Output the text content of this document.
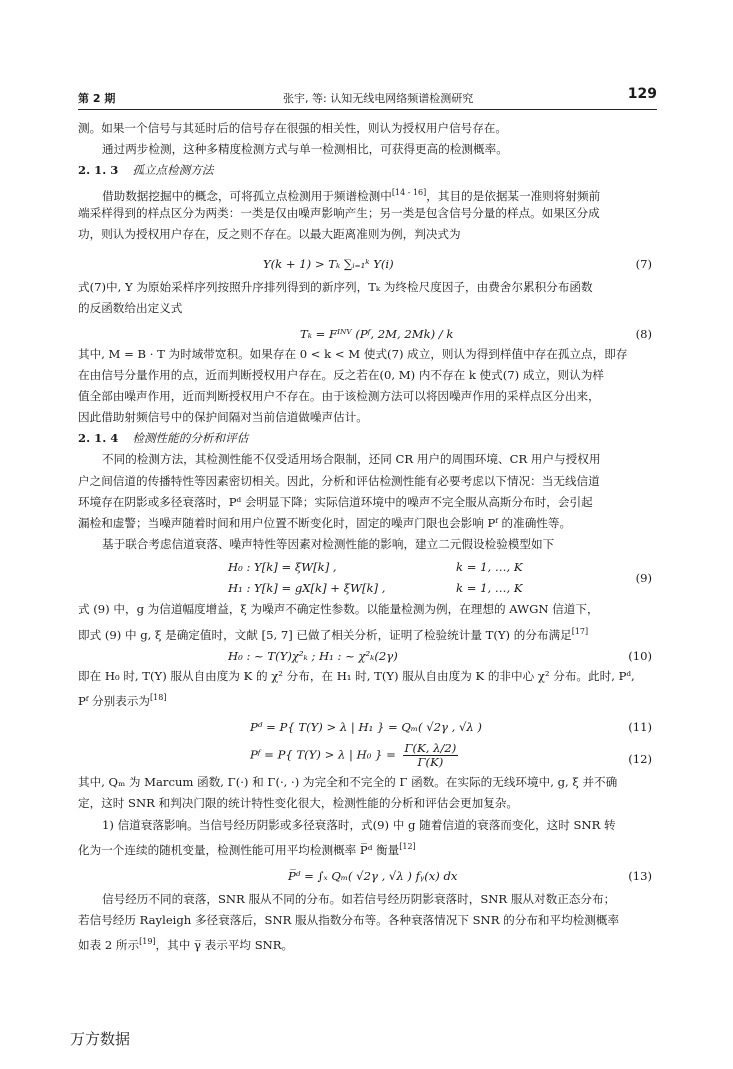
第 2 期	张宇, 等: 认知无线电网络频谱检测研究	129
测。如果一个信号与其延时后的信号存在很强的相关性，则认为授权用户信号存在。
通过两步检测，这种多精度检测方式与单一检测相比，可获得更高的检测概率。
2. 1. 3 孤立点检测方法
借助数据挖掘中的概念，可将孤立点检测用于频谱检测中[14 - 16]，其目的是依据某一准则将射频前
端采样得到的样点区分为两类：一类是仅由噪声影响产生；另一类是包含信号分量的样点。如果区分成
功，则认为授权用户存在，反之则不存在。以最大距离准则为例，判决式为
Y(k + 1) > Tₖ ∑ᵢ₌₁ᵏ Y(i)	(7)
式(7)中, Y 为原始采样序列按照升序排列得到的新序列，Tₖ 为终检尺度因子，由费舍尔累积分布函数
的反函数给出定义式
Tₖ = Fᴵᴺⱽ (Pᶠ, 2M, 2Mk) / k	(8)
其中, M = B · T 为时域带宽积。如果存在 0 < k < M 使式(7) 成立，则认为得到样值中存在孤立点，即存
在由信号分量作用的点，近而判断授权用户存在。反之若在(0, M) 内不存在 k 使式(7) 成立，则认为样
值全部由噪声作用，近而判断授权用户不存在。由于该检测方法可以将因噪声作用的采样点区分出来，
因此借助射频信号中的保护间隔对当前信道做噪声估计。
2. 1. 4 检测性能的分析和评估
不同的检测方法，其检测性能不仅受适用场合限制，还同 CR 用户的周围环境、CR 用户与授权用
户之间信道的传播特性等因素密切相关。因此，分析和评估检测性能有必要考虑以下情况：当无线信道
环境存在阴影或多径衰落时，Pᵈ 会明显下降；实际信道环境中的噪声不完全服从高斯分布时，会引起
漏检和虚警；当噪声随着时间和用户位置不断变化时，固定的噪声门限也会影响 Pᶠ 的准确性等。
基于联合考虑信道衰落、噪声特性等因素对检测性能的影响，建立二元假设检验模型如下
H₀ : Y[k] = ξW[k] ,	k = 1, …, K
H₁ : Y[k] = gX[k] + ξW[k] ,	k = 1, …, K
(9)
式 (9) 中，g 为信道幅度增益，ξ 为噪声不确定性参数。以能量检测为例，在理想的 AWGN 信道下，
即式 (9) 中 g, ξ 是确定值时，文献 [5, 7] 已做了相关分析，证明了检验统计量 T(Y) 的分布满足[17]
H₀ : ~ T(Y)χ²ₖ ; H₁ : ~ χ²ₖ(2γ)	(10)
即在 H₀ 时, T(Y) 服从自由度为 K 的 χ² 分布，在 H₁ 时, T(Y) 服从自由度为 K 的非中心 χ² 分布。此时, Pᵈ,
Pᶠ 分别表示为[18]
Pᵈ = P{ T(Y) > λ | H₁ } = Qₘ( √2γ , √λ )	(11)
Pᶠ = P{ T(Y) > λ | H₀ } = $\frac{\Gamma(K, \lambda/2)}{\Gamma(K)}$	(12)
其中, Qₘ 为 Marcum 函数, Γ(·) 和 Γ(·, ·) 为完全和不完全的 Γ 函数。在实际的无线环境中, g, ξ 并不确
定，这时 SNR 和判决门限的统计特性变化很大，检测性能的分析和评估会更加复杂。
1) 信道衰落影响。当信号经历阴影或多径衰落时，式(9) 中 g 随着信道的衰落而变化，这时 SNR 转
化为一个连续的随机变量，检测性能可用平均检测概率 P̅ᵈ 衡量[12]
P̅ᵈ = ∫ₓ Qₘ( √2γ , √λ ) fᵧ(x) dx	(13)
信号经历不同的衰落，SNR 服从不同的分布。如若信号经历阴影衰落时，SNR 服从对数正态分布；
若信号经历 Rayleigh 多径衰落后，SNR 服从指数分布等。各种衰落情况下 SNR 的分布和平均检测概率
如表 2 所示[19]，其中 γ̅ 表示平均 SNR。
万方数据
